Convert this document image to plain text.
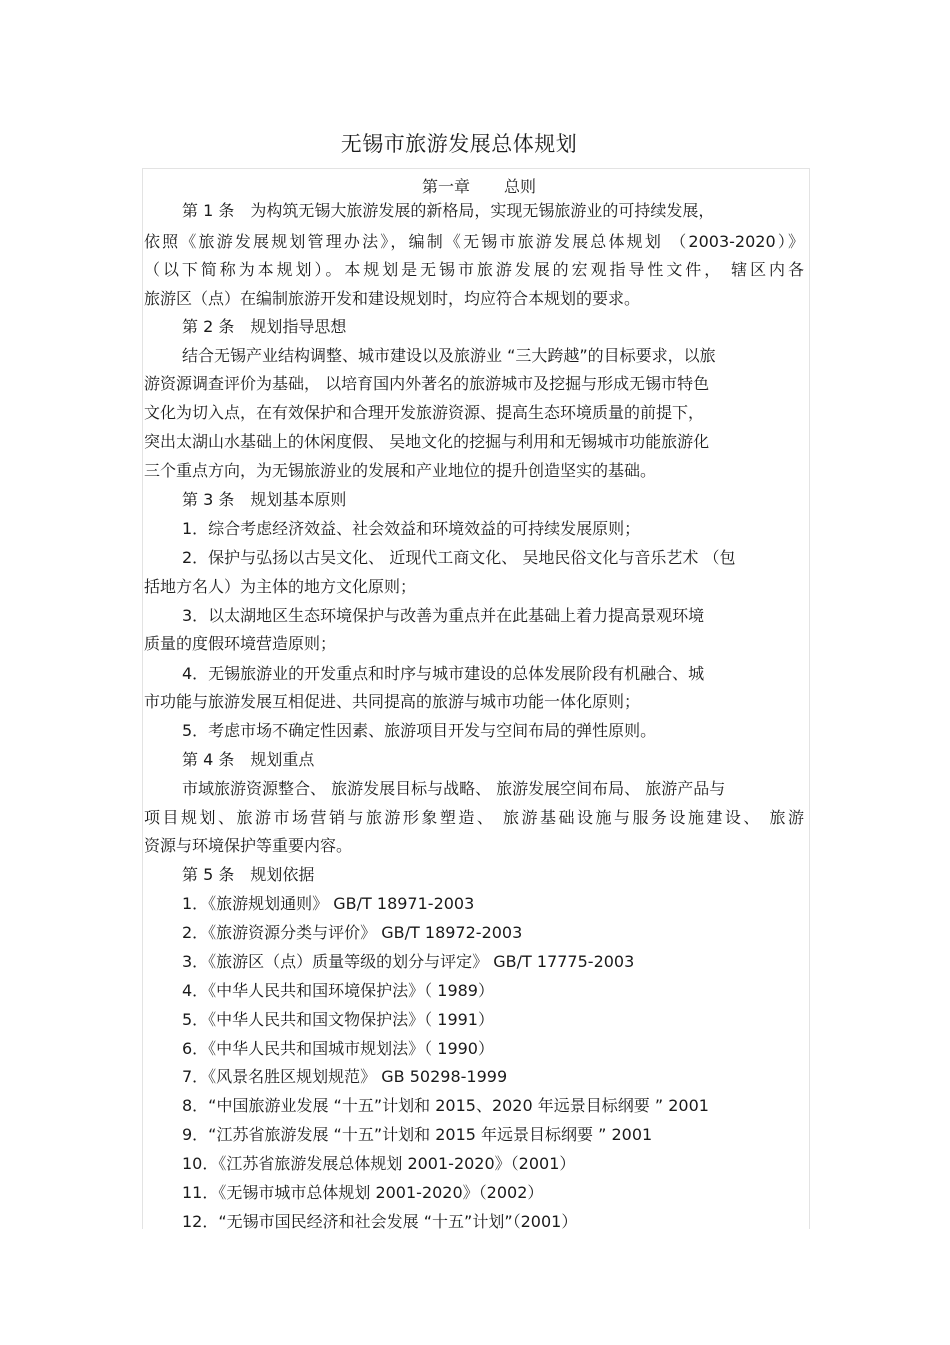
无锡市旅游发展总体规划
第一章 总则
第 1 条　为构筑无锡大旅游发展的新格局，实现无锡旅游业的可持续发展，
依照《旅游发展规划管理办法》，编制《无锡市旅游发展总体规划 （2003-2020）》
（以下简称为本规划）。本规划是无锡市旅游发展的宏观指导性文件， 辖区内各
旅游区（点）在编制旅游开发和建设规划时，均应符合本规划的要求。
第 2 条　规划指导思想
结合无锡产业结构调整、城市建设以及旅游业 “三大跨越”的目标要求，以旅
游资源调查评价为基础， 以培育国内外著名的旅游城市及挖掘与形成无锡市特色
文化为切入点，在有效保护和合理开发旅游资源、提高生态环境质量的前提下，
突出太湖山水基础上的休闲度假、 吴地文化的挖掘与利用和无锡城市功能旅游化
三个重点方向，为无锡旅游业的发展和产业地位的提升创造坚实的基础。
第 3 条　规划基本原则
1．综合考虑经济效益、社会效益和环境效益的可持续发展原则；
2．保护与弘扬以古吴文化、 近现代工商文化、 吴地民俗文化与音乐艺术 （包
括地方名人）为主体的地方文化原则；
3．以太湖地区生态环境保护与改善为重点并在此基础上着力提高景观环境
质量的度假环境营造原则；
4．无锡旅游业的开发重点和时序与城市建设的总体发展阶段有机融合、城
市功能与旅游发展互相促进、共同提高的旅游与城市功能一体化原则；
5．考虑市场不确定性因素、旅游项目开发与空间布局的弹性原则。
第 4 条　规划重点
市域旅游资源整合、 旅游发展目标与战略、 旅游发展空间布局、 旅游产品与
项目规划、旅游市场营销与旅游形象塑造、 旅游基础设施与服务设施建设、 旅游
资源与环境保护等重要内容。
第 5 条　规划依据
1．《旅游规划通则》 GB/T 18971-2003
2．《旅游资源分类与评价》 GB/T 18972-2003
3．《旅游区（点）质量等级的划分与评定》 GB/T 17775-2003
4．《中华人民共和国环境保护法》（ 1989）
5．《中华人民共和国文物保护法》（ 1991）
6．《中华人民共和国城市规划法》（ 1990）
7．《风景名胜区规划规范》 GB 50298-1999
8．“中国旅游业发展 “十五”计划和 2015、2020 年远景目标纲要 ” 2001
9．“江苏省旅游发展 “十五”计划和 2015 年远景目标纲要 ” 2001
10．《江苏省旅游发展总体规划 2001-2020》（2001）
11．《无锡市城市总体规划 2001-2020》（2002）
12．“无锡市国民经济和社会发展 “十五”计划”（2001）
